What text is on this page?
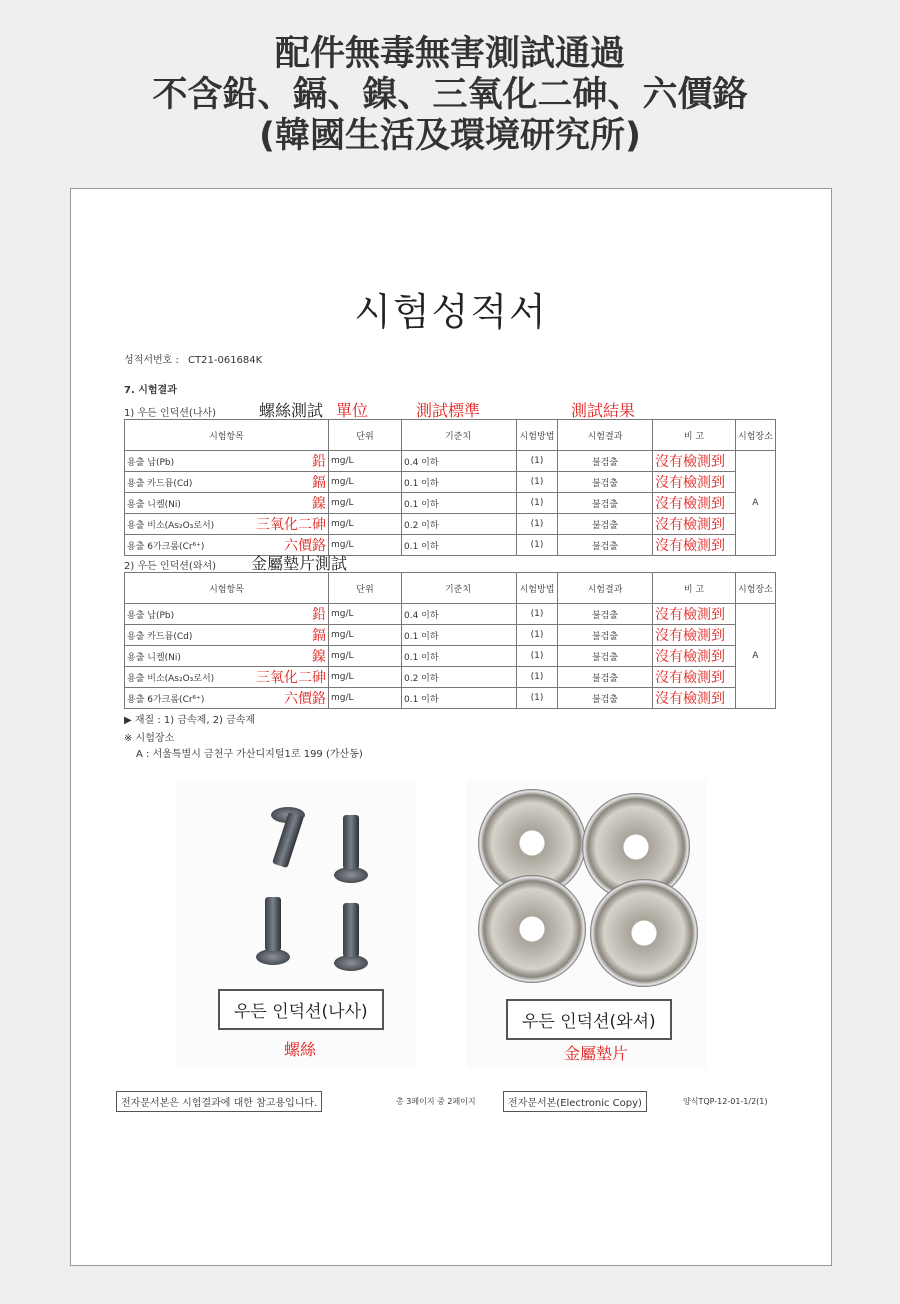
配件無毒無害測試通過
不含鉛、鎘、鎳、三氧化二砷、六價鉻
(韓國生活及環境研究所)
시험성적서
성적서번호 : CT21-061684K
7. 시험결과
1) 우든 인덕션(나사)	螺絲測試 單位	測試標準	測試結果
시험항목		단위	기준치	시험방법	시험결과	비 고	시험장소
용출 납(Pb)	鉛	mg/L	0.4 이하	(1)	불검출	沒有檢測到	A
용출 카드뮴(Cd)	鎘	mg/L	0.1 이하	(1)	불검출	沒有檢測到	
용출 니켈(Ni)	鎳	mg/L	0.1 이하	(1)	불검출	沒有檢測到	
용출 비소(As₂O₃로서)	三氧化二砷	mg/L	0.2 이하	(1)	불검출	沒有檢測到	
용출 6가크롬(Cr⁶⁺)	六價鉻	mg/L	0.1 이하	(1)	불검출	沒有檢測到	
2) 우든 인덕션(와셔) 金屬墊片測試
시험항목		단위	기준치	시험방법	시험결과	비 고	시험장소
용출 납(Pb)	鉛	mg/L	0.4 이하	(1)	불검출	沒有檢測到	A
용출 카드뮴(Cd)	鎘	mg/L	0.1 이하	(1)	불검출	沒有檢測到	
용출 니켈(Ni)	鎳	mg/L	0.1 이하	(1)	불검출	沒有檢測到	
용출 비소(As₂O₃로서)	三氧化二砷	mg/L	0.2 이하	(1)	불검출	沒有檢測到	
용출 6가크롬(Cr⁶⁺)	六價鉻	mg/L	0.1 이하	(1)	불검출	沒有檢測到	
▶ 재질 : 1) 금속제, 2) 금속제
※ 시험장소
A : 서울특별시 금천구 가산디지털1로 199 (가산동)
우든 인덕션(나사)
螺絲
우든 인덕션(와셔)
金屬墊片
전자문서본은 시험결과에 대한 참고용입니다.	총 3페이지 중 2페이지	전자문서본(Electronic Copy)	양식TQP-12-01-1/2(1)
